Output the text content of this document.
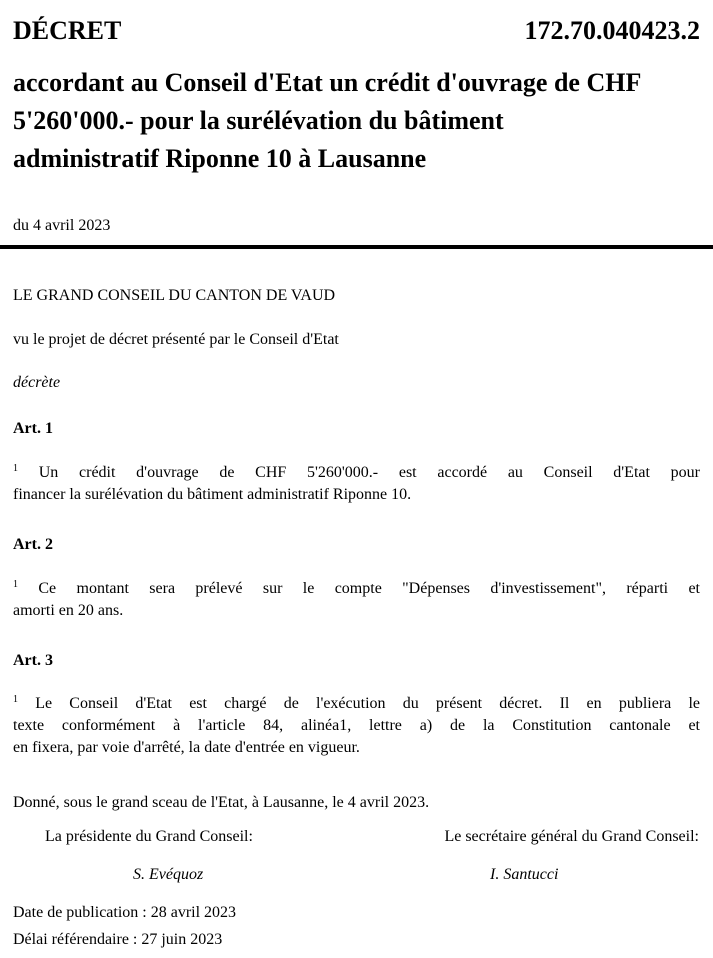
DÉCRET	172.70.040423.2
accordant au Conseil d'Etat un crédit d'ouvrage de CHF
5'260'000.- pour la surélévation du bâtiment
administratif Riponne 10 à Lausanne
du 4 avril 2023
LE GRAND CONSEIL DU CANTON DE VAUD
vu le projet de décret présenté par le Conseil d'Etat
décrète
Art. 1
$^1$ Un crédit d'ouvrage de CHF 5'260'000.- est accordé au Conseil d'Etat pour
financer la surélévation du bâtiment administratif Riponne 10.
Art. 2
$^1$ Ce montant sera prélevé sur le compte "Dépenses d'investissement", réparti et
amorti en 20 ans.
Art. 3
$^1$ Le Conseil d'Etat est chargé de l'exécution du présent décret. Il en publiera le
texte conformément à l'article 84, alinéa1, lettre a) de la Constitution cantonale et
en fixera, par voie d'arrêté, la date d'entrée en vigueur.
Donné, sous le grand sceau de l'Etat, à Lausanne, le 4 avril 2023.
La présidente du Grand Conseil:	Le secrétaire général du Grand Conseil:
S. Evéquoz	I. Santucci
Date de publication : 28 avril 2023
Délai référendaire : 27 juin 2023
